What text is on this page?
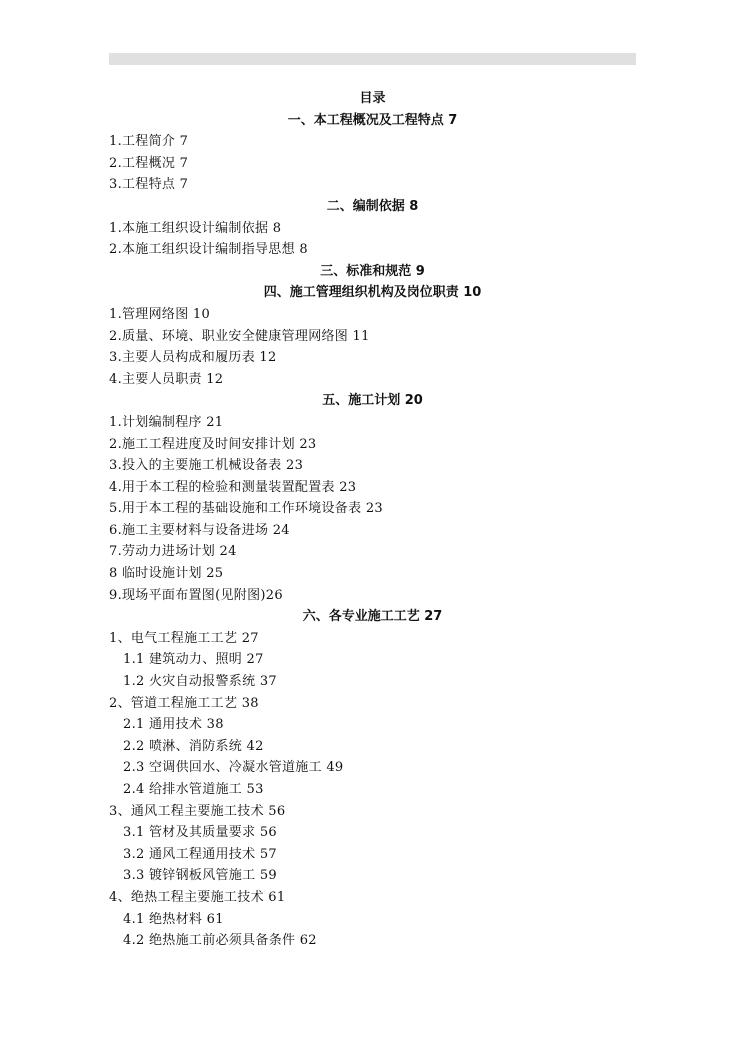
目录
一、本工程概况及工程特点 7
1.工程简介 7
2.工程概况 7
3.工程特点 7
二、编制依据 8
1.本施工组织设计编制依据 8
2.本施工组织设计编制指导思想 8
三、标准和规范 9
四、施工管理组织机构及岗位职责 10
1.管理网络图 10
2.质量、环境、职业安全健康管理网络图 11
3.主要人员构成和履历表 12
4.主要人员职责 12
五、施工计划 20
1.计划编制程序 21
2.施工工程进度及时间安排计划 23
3.投入的主要施工机械设备表 23
4.用于本工程的检验和测量装置配置表 23
5.用于本工程的基础设施和工作环境设备表 23
6.施工主要材料与设备进场 24
7.劳动力进场计划 24
8 临时设施计划 25
9.现场平面布置图(见附图)26
六、各专业施工工艺 27
1、电气工程施工工艺 27
1.1 建筑动力、照明 27
1.2 火灾自动报警系统 37
2、管道工程施工工艺 38
2.1 通用技术 38
2.2 喷淋、消防系统 42
2.3 空调供回水、冷凝水管道施工 49
2.4 给排水管道施工 53
3、通风工程主要施工技术 56
3.1 管材及其质量要求 56
3.2 通风工程通用技术 57
3.3 镀锌钢板风管施工 59
4、绝热工程主要施工技术 61
4.1 绝热材料 61
4.2 绝热施工前必须具备条件 62
